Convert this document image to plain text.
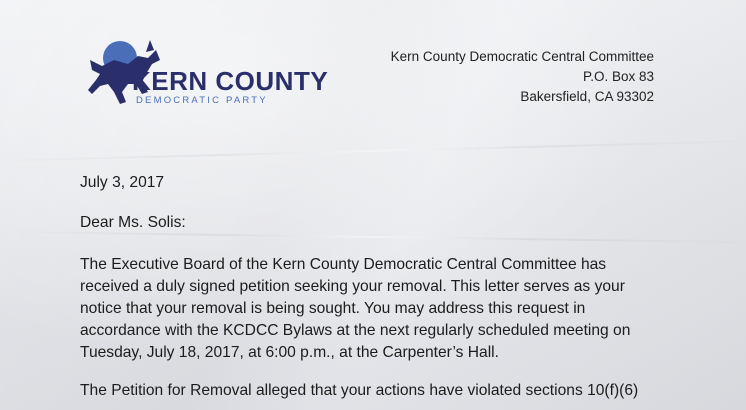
KERN COUNTY
DEMOCRATIC PARTY
Kern County Democratic Central Committee
P.O. Box 83
Bakersfield, CA 93302
July 3, 2017
Dear Ms. Solis:
The Executive Board of the Kern County Democratic Central Committee has
received a duly signed petition seeking your removal. This letter serves as your
notice that your removal is being sought. You may address this request in
accordance with the KCDCC Bylaws at the next regularly scheduled meeting on
Tuesday, July 18, 2017, at 6:00 p.m., at the Carpenter’s Hall.
The Petition for Removal alleged that your actions have violated sections 10(f)(6)
